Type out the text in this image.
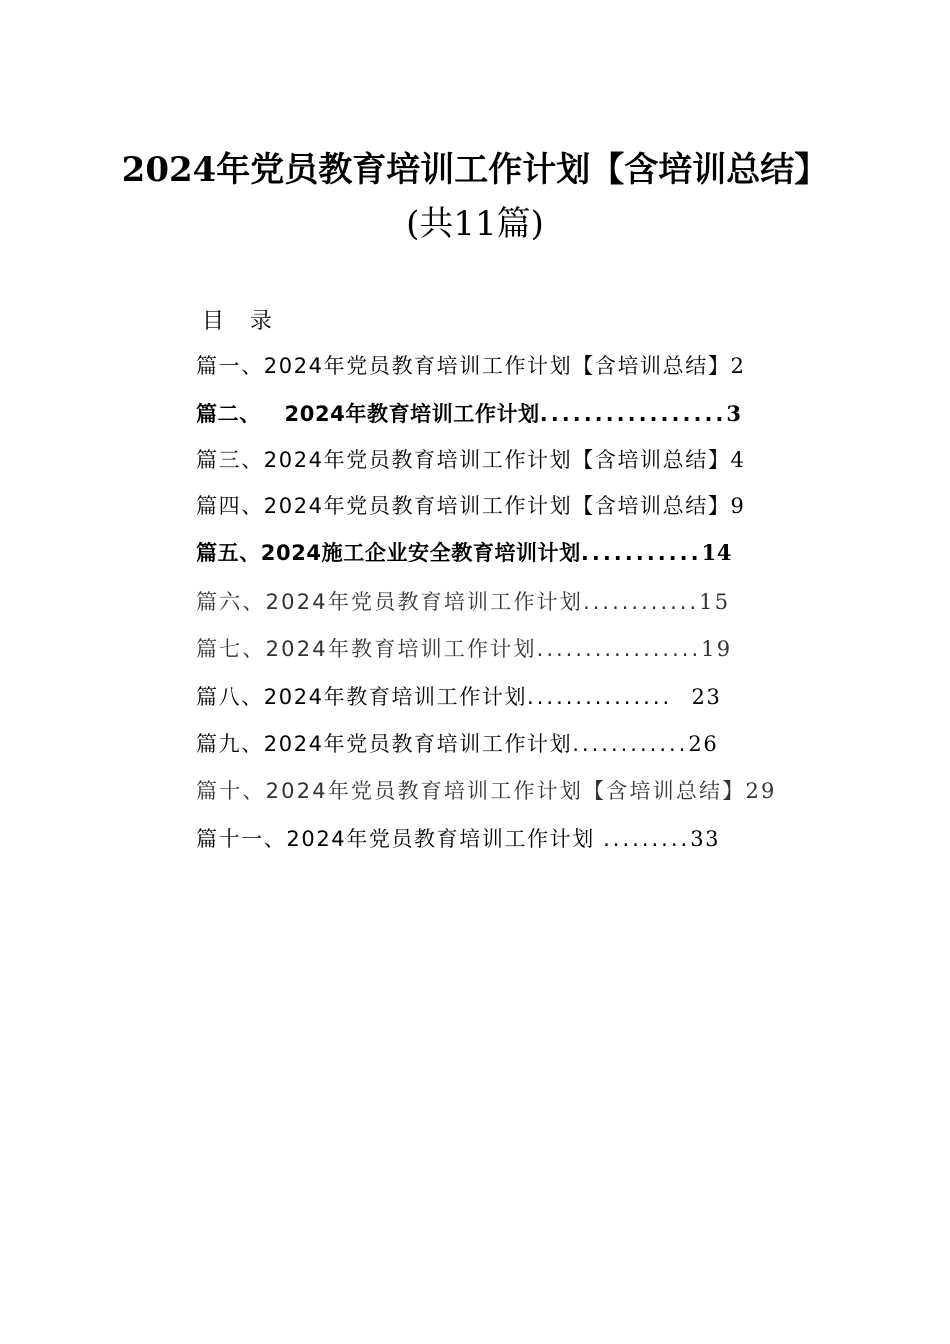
2024年党员教育培训工作计划【含培训总结】
(共11篇)
目录
篇一、2024年党员教育培训工作计划【含培训总结】2
篇二、   2024年教育培训工作计划.................3
篇三、2024年党员教育培训工作计划【含培训总结】4
篇四、2024年党员教育培训工作计划【含培训总结】9
篇五、2024施工企业安全教育培训计划...........14
篇六、2024年党员教育培训工作计划............15
篇七、2024年教育培训工作计划.................19
篇八、2024年教育培训工作计划...............  23
篇九、2024年党员教育培训工作计划............26
篇十、2024年党员教育培训工作计划【含培训总结】29
篇十一、2024年党员教育培训工作计划 .........33
